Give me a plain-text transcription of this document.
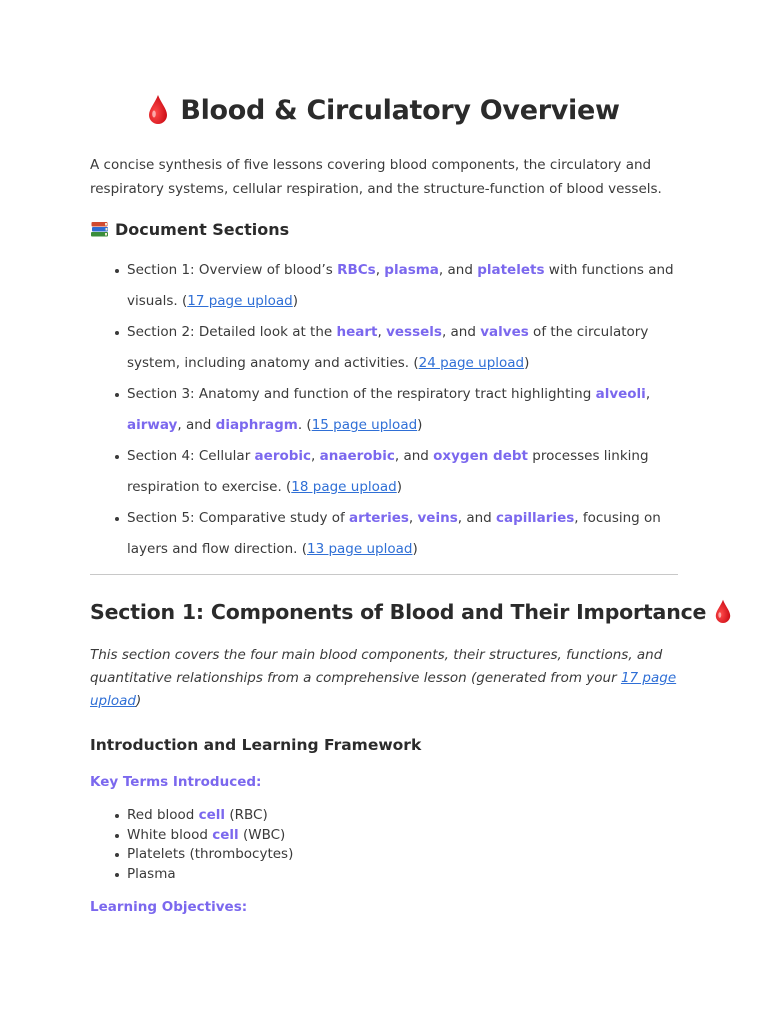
Blood & Circulatory Overview

A concise synthesis of five lessons covering blood components, the circulatory and respiratory systems, cellular respiration, and the structure-function of blood vessels.

Document Sections
Section 1: Overview of blood’s RBCs, plasma, and platelets with functions and visuals. (17 page upload)
Section 2: Detailed look at the heart, vessels, and valves of the circulatory system, including anatomy and activities. (24 page upload)
Section 3: Anatomy and function of the respiratory tract highlighting alveoli, airway, and diaphragm. (15 page upload)
Section 4: Cellular aerobic, anaerobic, and oxygen debt processes linking respiration to exercise. (18 page upload)
Section 5: Comparative study of arteries, veins, and capillaries, focusing on layers and flow direction. (13 page upload)
Section 1: Components of Blood and Their Importance

This section covers the four main blood components, their structures, functions, and quantitative relationships from a comprehensive lesson (generated from your 17 page upload)

Introduction and Learning Framework
Key Terms Introduced:
Red blood cell (RBC)
White blood cell (WBC)
Platelets (thrombocytes)
Plasma
Learning Objectives:
